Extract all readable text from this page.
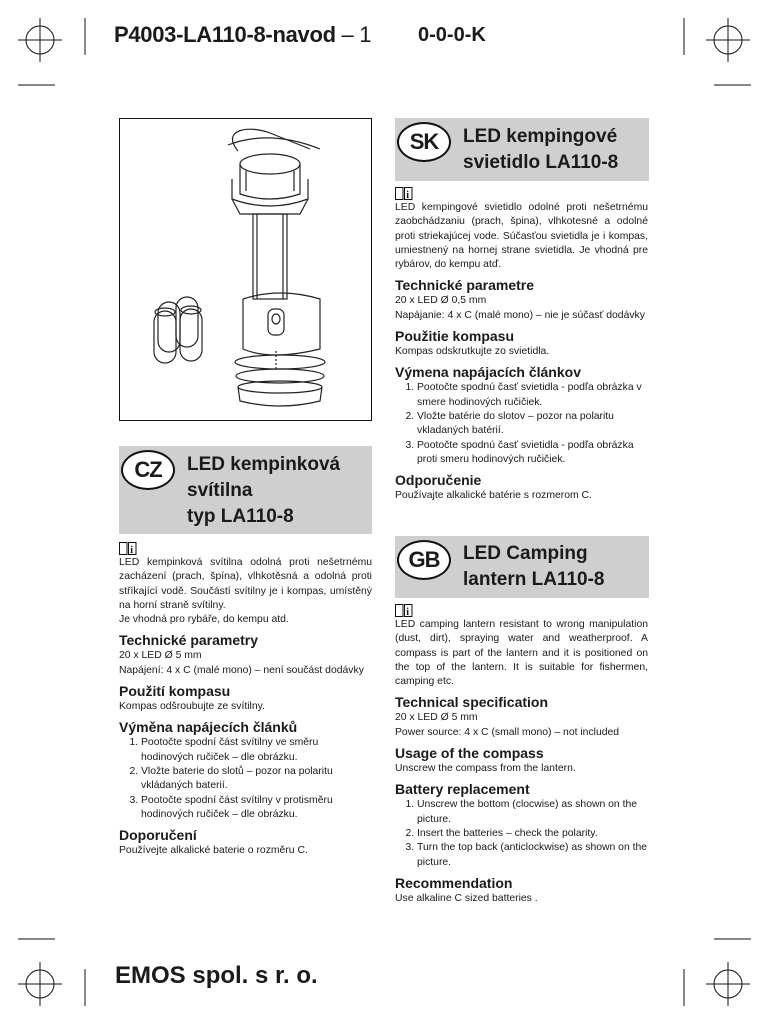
P4003-LA110-8-navod – 1 0-0-0-K
CZ	LED kempinková
svítilna
typ LA110-8
i

LED kempinková svítilna odolná proti nešetrnému zacházení (prach, špína), vlhkotěsná a odolná proti stříkající vodě. Součástí svítilny je i kompas, umístěný na horní straně svítilny.

Je vhodná pro rybáře, do kempu atd.

Technické parametry

20 x LED Ø 5 mm

Napájení: 4 x C (malé mono) – není součást dodávky

Použití kompasu

Kompas odšroubujte ze svítilny.

Výměna napájecích článků
1. Pootočte spodní část svítilny ve směru hodinových ručiček – dle obrázku.
2. Vložte baterie do slotů – pozor na polaritu vkládaných baterií.
3. Pootočte spodní část svítilny v protisměru hodinových ručiček – dle obrázku.
Doporučení

Používejte alkalické baterie o rozměru C.

SK	LED kempingové
svietidlo LA110-8
i

LED kempingové svietidlo odolné proti nešetrnému zaobchádzaniu (prach, špina), vlhkotesné a odolné proti striekajúcej vode. Súčasťou svietidla je i kompas, umiestnený na hornej strane svietidla. Je vhodná pre rybárov, do kempu atď.

Technické parametre

20 x LED Ø 0,5 mm

Napájanie: 4 x C (malé mono) – nie je súčasť dodávky

Použitie kompasu

Kompas odskrutkujte zo svietidla.

Výmena napájacích článkov
1. Pootočte spodnú časť svietidla - podľa obrázka v smere hodinových ručičiek.
2. Vložte batérie do slotov – pozor na polaritu vkladaných batérií.
3. Pootočte spodnú časť svietidla - podľa obrázka proti smeru hodinových ručičiek.
Odporučenie

Používajte alkalické batérie s rozmerom C.

GB	LED Camping
lantern LA110-8
i

LED camping lantern resistant to wrong manipulation (dust, dirt), spraying water and weatherproof. A compass is part of the lantern and it is positioned on the top of the lantern. It is suitable for fishermen, camping etc.

Technical specification

20 x LED Ø 5 mm

Power source: 4 x C (small mono) – not included

Usage of the compass

Unscrew the compass from the lantern.

Battery replacement
1. Unscrew the bottom (clocwise) as shown on the picture.
2. Insert the batteries – check the polarity.
3. Turn the top back (anticlockwise) as shown on the picture.
Recommendation

Use alkaline C sized batteries .

EMOS spol. s r. o.
